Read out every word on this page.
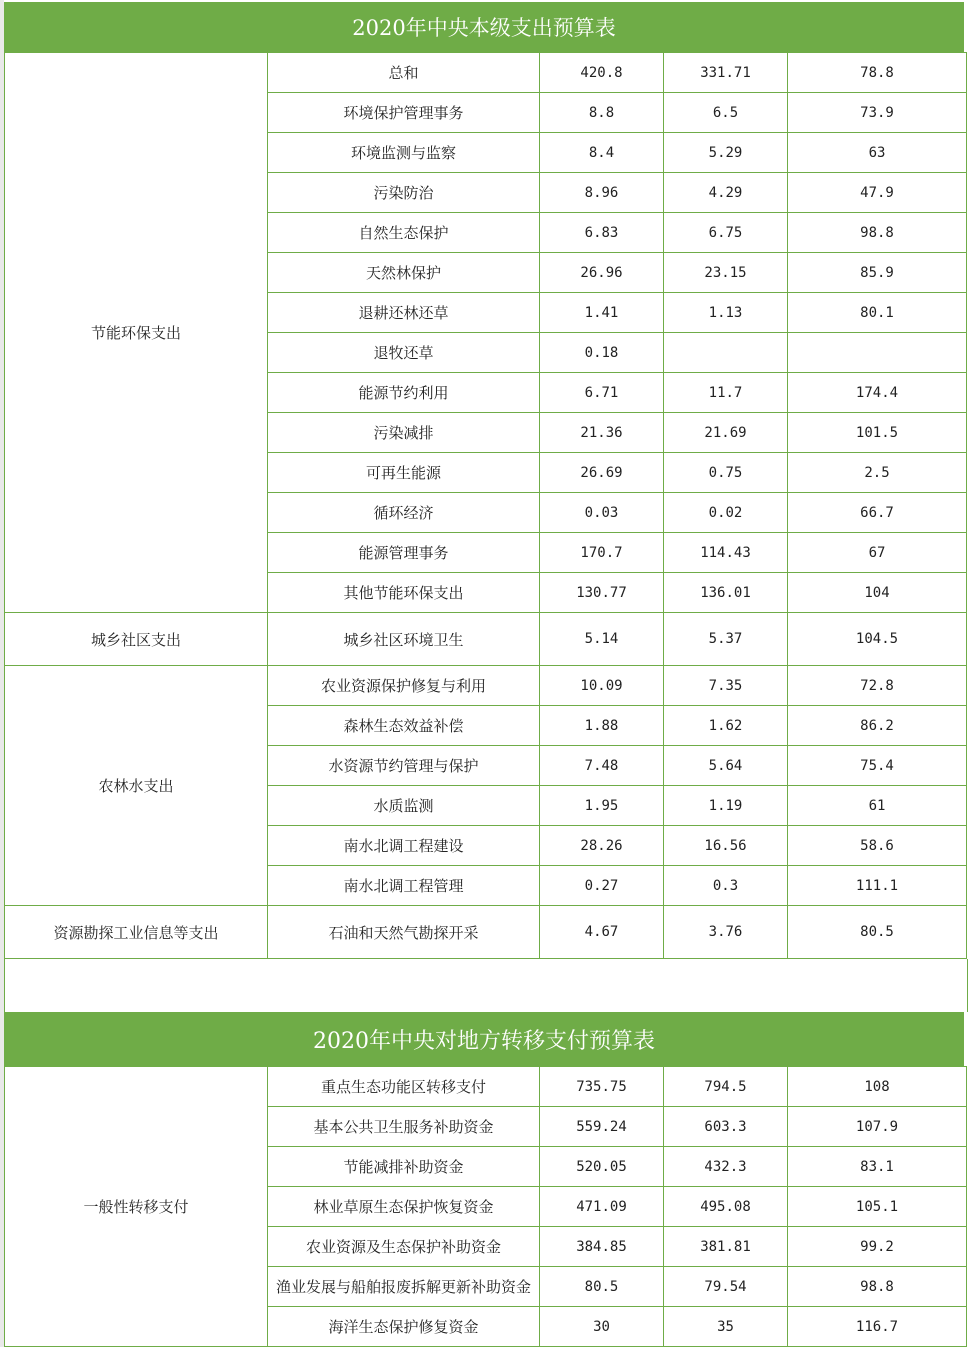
2020年中央本级支出预算表
节能环保支出	总和	420.8	331.71	78.8
	环境保护管理事务	8.8	6.5	73.9
	环境监测与监察	8.4	5.29	63
	污染防治	8.96	4.29	47.9
	自然生态保护	6.83	6.75	98.8
	天然林保护	26.96	23.15	85.9
	退耕还林还草	1.41	1.13	80.1
	退牧还草	0.18		
	能源节约利用	6.71	11.7	174.4
	污染减排	21.36	21.69	101.5
	可再生能源	26.69	0.75	2.5
	循环经济	0.03	0.02	66.7
	能源管理事务	170.7	114.43	67
	其他节能环保支出	130.77	136.01	104
城乡社区支出	城乡社区环境卫生	5.14	5.37	104.5
农林水支出	农业资源保护修复与利用	10.09	7.35	72.8
	森林生态效益补偿	1.88	1.62	86.2
	水资源节约管理与保护	7.48	5.64	75.4
	水质监测	1.95	1.19	61
	南水北调工程建设	28.26	16.56	58.6
	南水北调工程管理	0.27	0.3	111.1
资源勘探工业信息等支出	石油和天然气勘探开采	4.67	3.76	80.5
2020年中央对地方转移支付预算表
一般性转移支付	重点生态功能区转移支付	735.75	794.5	108
	基本公共卫生服务补助资金	559.24	603.3	107.9
	节能减排补助资金	520.05	432.3	83.1
	林业草原生态保护恢复资金	471.09	495.08	105.1
	农业资源及生态保护补助资金	384.85	381.81	99.2
	渔业发展与船舶报废拆解更新补助资金	80.5	79.54	98.8
	海洋生态保护修复资金	30	35	116.7
